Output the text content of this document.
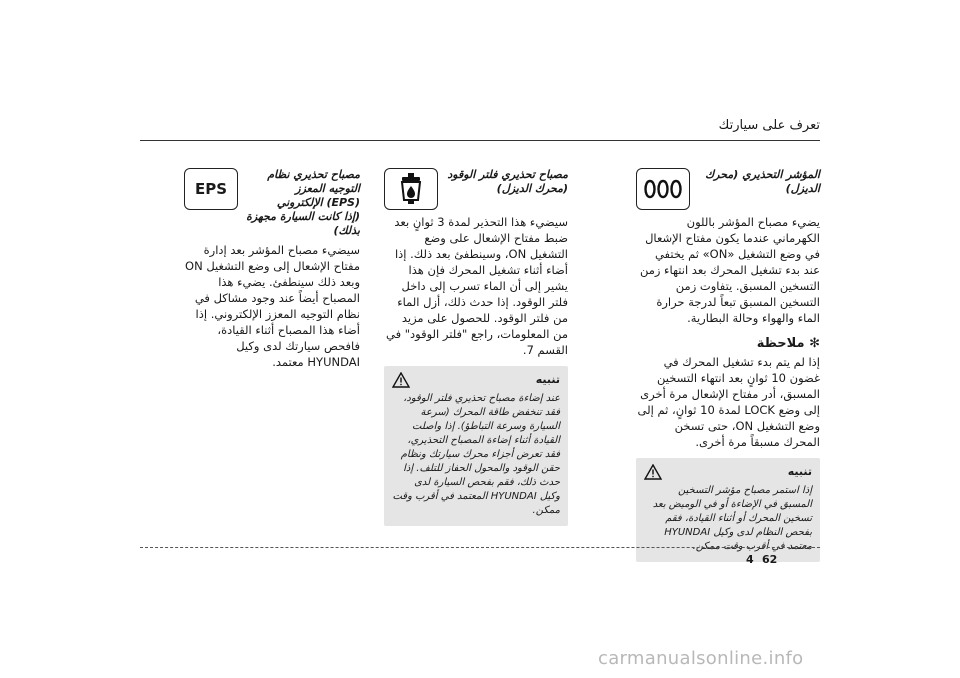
تعرف على سيارتك
المؤشر التحذيري (محرك الديزل)
يضيء مصباح المؤشر باللون الكهرماني عندما يكون مفتاح الإشعال في وضع التشغيل «ON» ثم يختفي عند بدء تشغيل المحرك بعد انتهاء زمن التسخين المسبق. يتفاوت زمن التسخين المسبق تبعاً لدرجة حرارة الماء والهواء وحالة البطارية.
✻ ملاحظة
إذا لم يتم بدء تشغيل المحرك في غضون 10 ثوانٍ بعد انتهاء التسخين المسبق، أدر مفتاح الإشعال مرة أخرى إلى وضع LOCK لمدة 10 ثوانٍ، ثم إلى وضع التشغيل ON، حتى تسخن المحرك مسبقاً مرة أخرى.
تنبيه
إذا استمر مصباح مؤشر التسخين المسبق في الإضاءة أو في الوميض بعد تسخين المحرك أو أثناء القيادة، فقم بفحص النظام لدى وكيل HYUNDAI معتمد في أقرب وقت ممكن.
مصباح تحذيري فلتر الوقود
(محرك الديزل)
سيضيء هذا التحذير لمدة 3 ثوانٍ بعد ضبط مفتاح الإشعال على وضع التشغيل ON، وسينطفئ بعد ذلك. إذا أضاء أثناء تشغيل المحرك فإن هذا يشير إلى أن الماء تسرب إلى داخل فلتر الوقود. إذا حدث ذلك، أزل الماء من فلتر الوقود. للحصول على مزيد من المعلومات، راجع "فلتر الوقود" في القسم 7.
تنبيه
عند إضاءة مصباح تحذيري فلتر الوقود، فقد تنخفض طاقة المحرك (سرعة السيارة وسرعة التباطؤ). إذا واصلت القيادة أثناء إضاءة المصباح التحذيري، فقد تعرض أجزاء محرك سيارتك ونظام حقن الوقود والمحول الحفاز للتلف. إذا حدث ذلك، فقم بفحص السيارة لدى وكيل HYUNDAI المعتمد في أقرب وقت ممكن.
EPS
مصباح تحذيري نظام التوجيه المعزز
(EPS) الإلكتروني
(إذا كانت السيارة مجهزة بذلك)
سيضيء مصباح المؤشر بعد إدارة مفتاح الإشعال إلى وضع التشغيل ON وبعد ذلك سينطفئ. يضيء هذا المصباح أيضاً عند وجود مشاكل في نظام التوجيه المعزز الإلكتروني. إذا أضاء هذا المصباح أثناء القيادة، فافحص سيارتك لدى وكيل HYUNDAI معتمد.
4 62
carmanualsonline.info
